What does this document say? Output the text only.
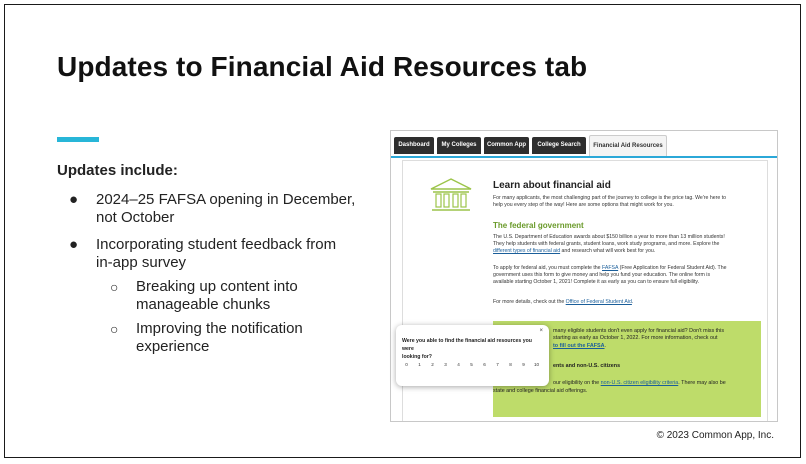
Updates to Financial Aid Resources tab
Updates include:
● 2024–25 FAFSA opening in December,
not October
● Incorporating student feedback from
in-app survey
○ Breaking up content into
manageable chunks
○ Improving the notification
experience
© 2023 Common App, Inc.
Dashboard	My Colleges	Common App	College Search	Financial Aid Resources
Learn about financial aid
For many applicants, the most challenging part of the journey to college is the price tag. We're here to
help you every step of the way! Here are some options that might work for you.
The federal government
The U.S. Department of Education awards about $150 billion a year to more than 13 million students!
They help students with federal grants, student loans, work study programs, and more. Explore the
different types of financial aid and research what will work best for you.
To apply for federal aid, you must complete the FAFSA (Free Application for Federal Student Aid). The
government uses this form to give money and help you fund your education. The online form is
available starting October 1, 2021! Complete it as early as you can to ensure full eligibility.
For more details, check out the Office of Federal Student Aid.
many eligible students don't even apply for financial aid? Don't miss this
starting as early as October 1, 2022. For more information, check out
to fill out the FAFSA.
ents and non-U.S. citizens
our eligibility on the non-U.S. citizen eligibility criteria. There may also be
state and college financial aid offerings.
×
Were you able to find the financial aid resources you were
looking for?
0	1	2	3	4	5	6	7	8	9	10
